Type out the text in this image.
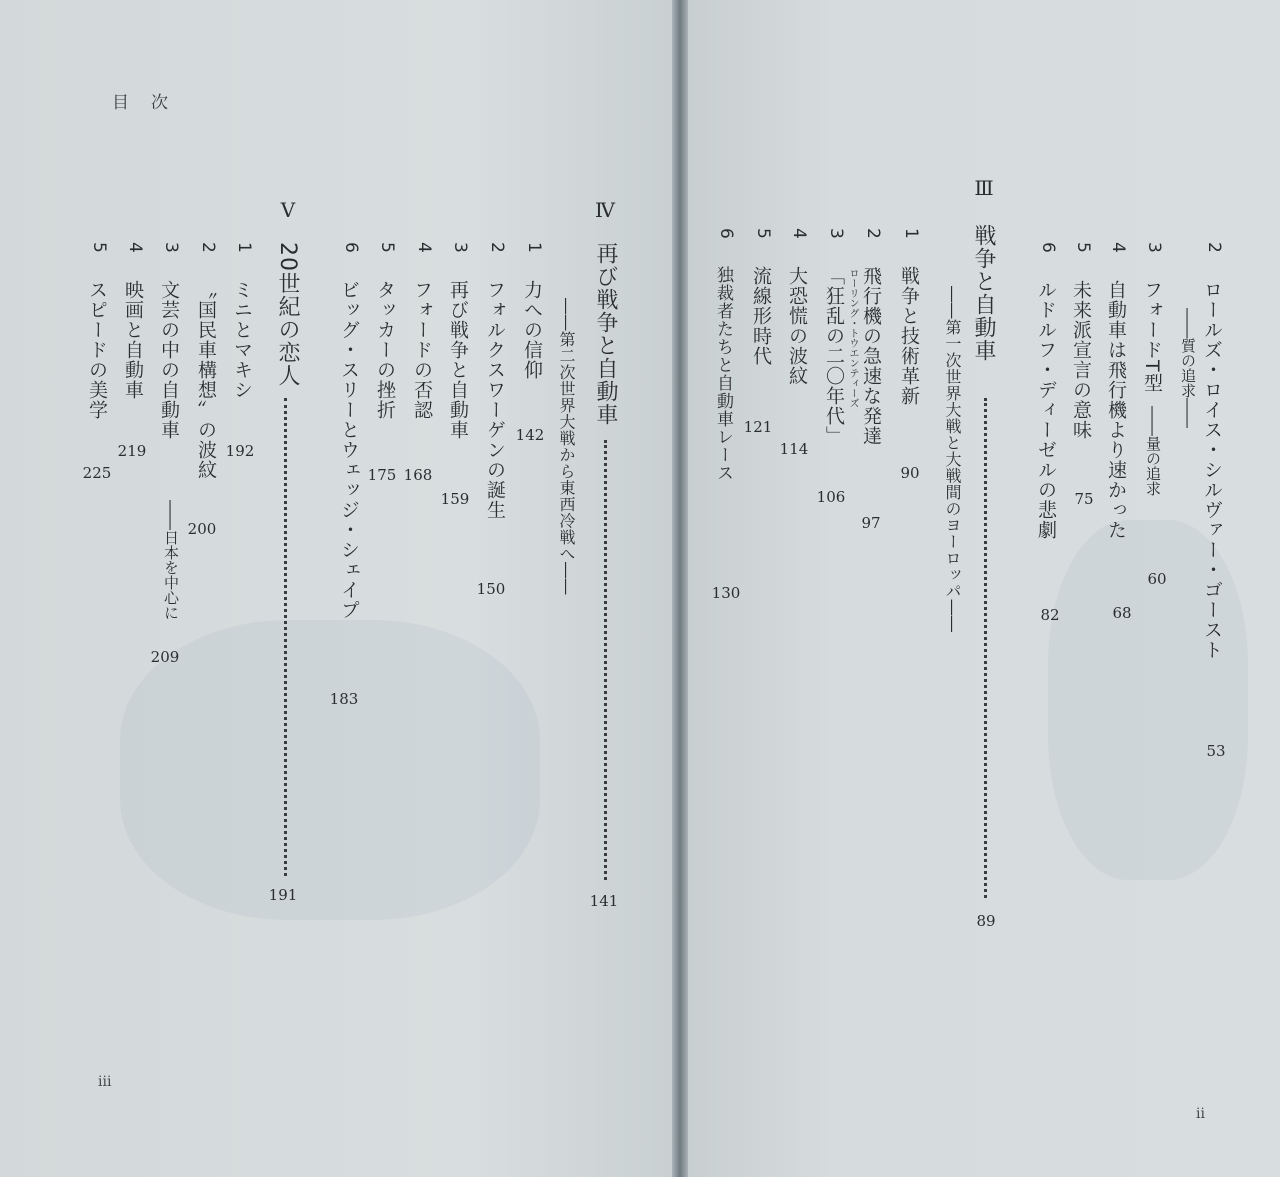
目次
Ⅳ
再び戦争と自動車
141
――第二次世界大戦から東西冷戦へ――
1
力への信仰
142
2
フォルクスワーゲンの誕生
150
3
再び戦争と自動車
159
4
フォードの否認
168
5
タッカーの挫折
175
6
ビッグ・スリーとウェッジ・シェイプ
183
Ⅴ
20世紀の恋人
191
1
ミニとマキシ
192
2
〝国民車構想〟の波紋
200
3
文芸の中の自動車
――日本を中心に
209
4
映画と自動車
219
5
スピードの美学
225
iii
2
ロールズ・ロイス・シルヴァー・ゴースト
53
――質の追求――
3
フォードT型
――量の追求
60
4
自動車は飛行機より速かった
68
5
未来派宣言の意味
75
6
ルドルフ・ディーゼルの悲劇
82
Ⅲ
戦争と自動車
89
――第一次世界大戦と大戦間のヨーロッパ――
1
戦争と技術革新
90
2
飛行機の急速な発達
97
3
ローリング・トウエンティーズ
「狂乱の二〇年代」
106
4
大恐慌の波紋
114
5
流線形時代
121
6
独裁者たちと自動車レース
130
ii
